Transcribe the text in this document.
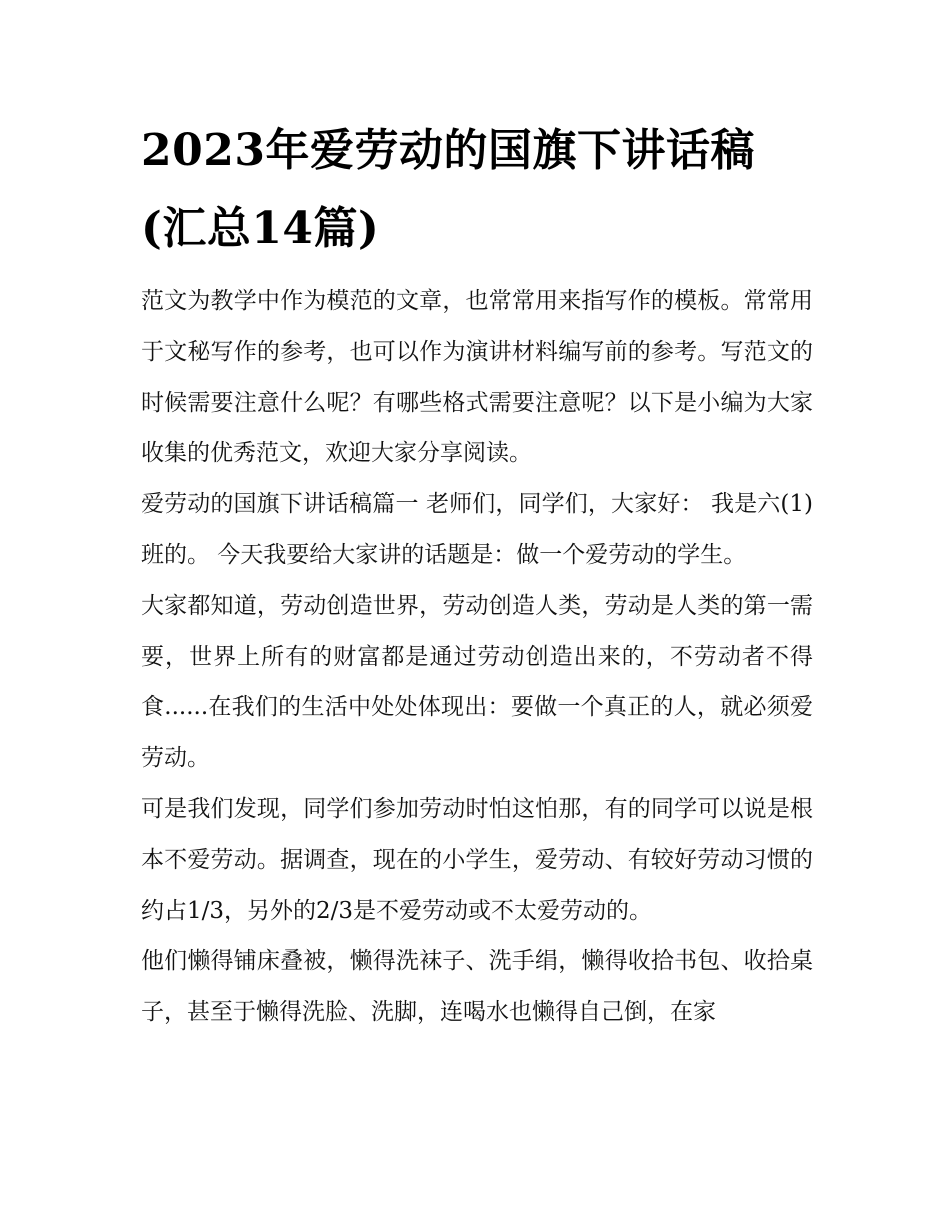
2023年爱劳动的国旗下讲话稿(汇总14篇)

范文为教学中作为模范的文章，也常常用来指写作的模板。常常用于文秘写作的参考，也可以作为演讲材料编写前的参考。写范文的时候需要注意什么呢？有哪些格式需要注意呢？以下是小编为大家收集的优秀范文，欢迎大家分享阅读。

爱劳动的国旗下讲话稿篇一 老师们，同学们，大家好： 我是六(1)班的。 今天我要给大家讲的话题是：做一个爱劳动的学生。

大家都知道，劳动创造世界，劳动创造人类，劳动是人类的第一需要，世界上所有的财富都是通过劳动创造出来的，不劳动者不得食......在我们的生活中处处体现出：要做一个真正的人，就必须爱劳动。

可是我们发现，同学们参加劳动时怕这怕那，有的同学可以说是根本不爱劳动。据调查，现在的小学生，爱劳动、有较好劳动习惯的约占1/3，另外的2/3是不爱劳动或不太爱劳动的。

他们懒得铺床叠被，懒得洗袜子、洗手绢，懒得收拾书包、收拾桌子，甚至于懒得洗脸、洗脚，连喝水也懒得自己倒，在家
